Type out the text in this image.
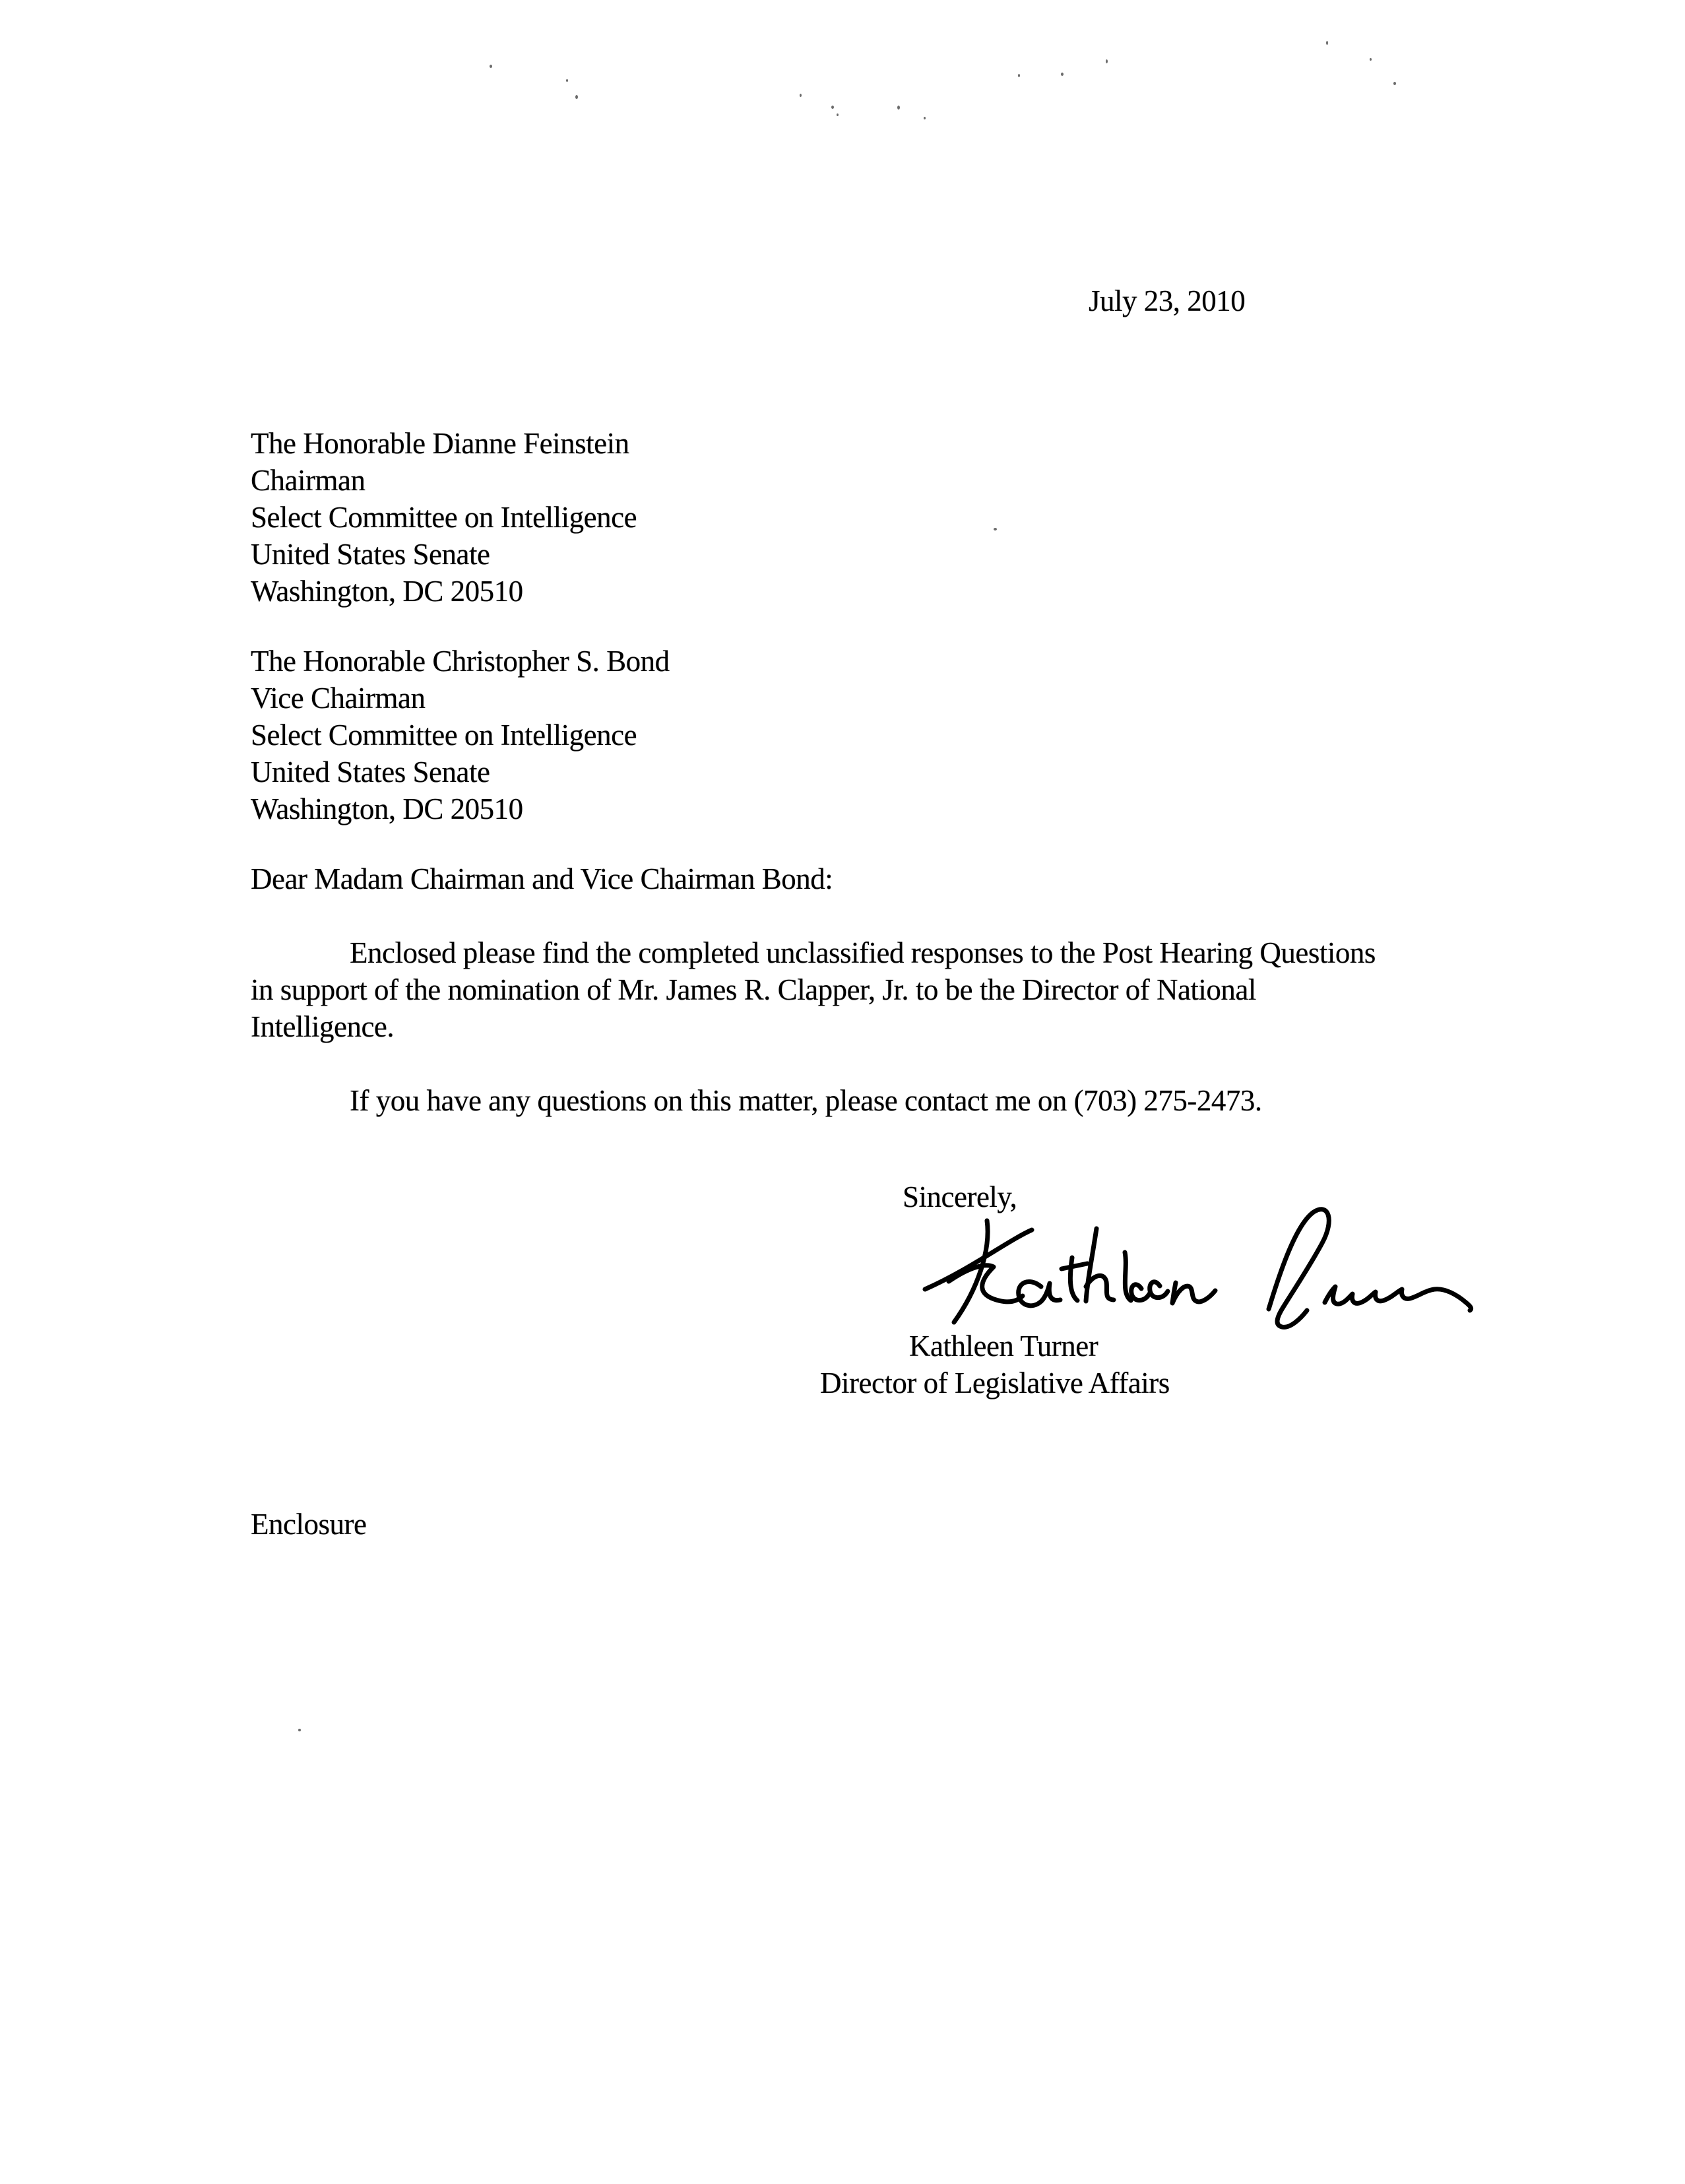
July 23, 2010
The Honorable Dianne Feinstein
Chairman
Select Committee on Intelligence
United States Senate
Washington, DC 20510
The Honorable Christopher S. Bond
Vice Chairman
Select Committee on Intelligence
United States Senate
Washington, DC 20510
Dear Madam Chairman and Vice Chairman Bond:
Enclosed please find the completed unclassified responses to the Post Hearing Questions
in support of the nomination of Mr. James R. Clapper, Jr. to be the Director of National
Intelligence.
If you have any questions on this matter, please contact me on (703) 275-2473.
Sincerely,
Kathleen Turner
Director of Legislative Affairs
Enclosure
